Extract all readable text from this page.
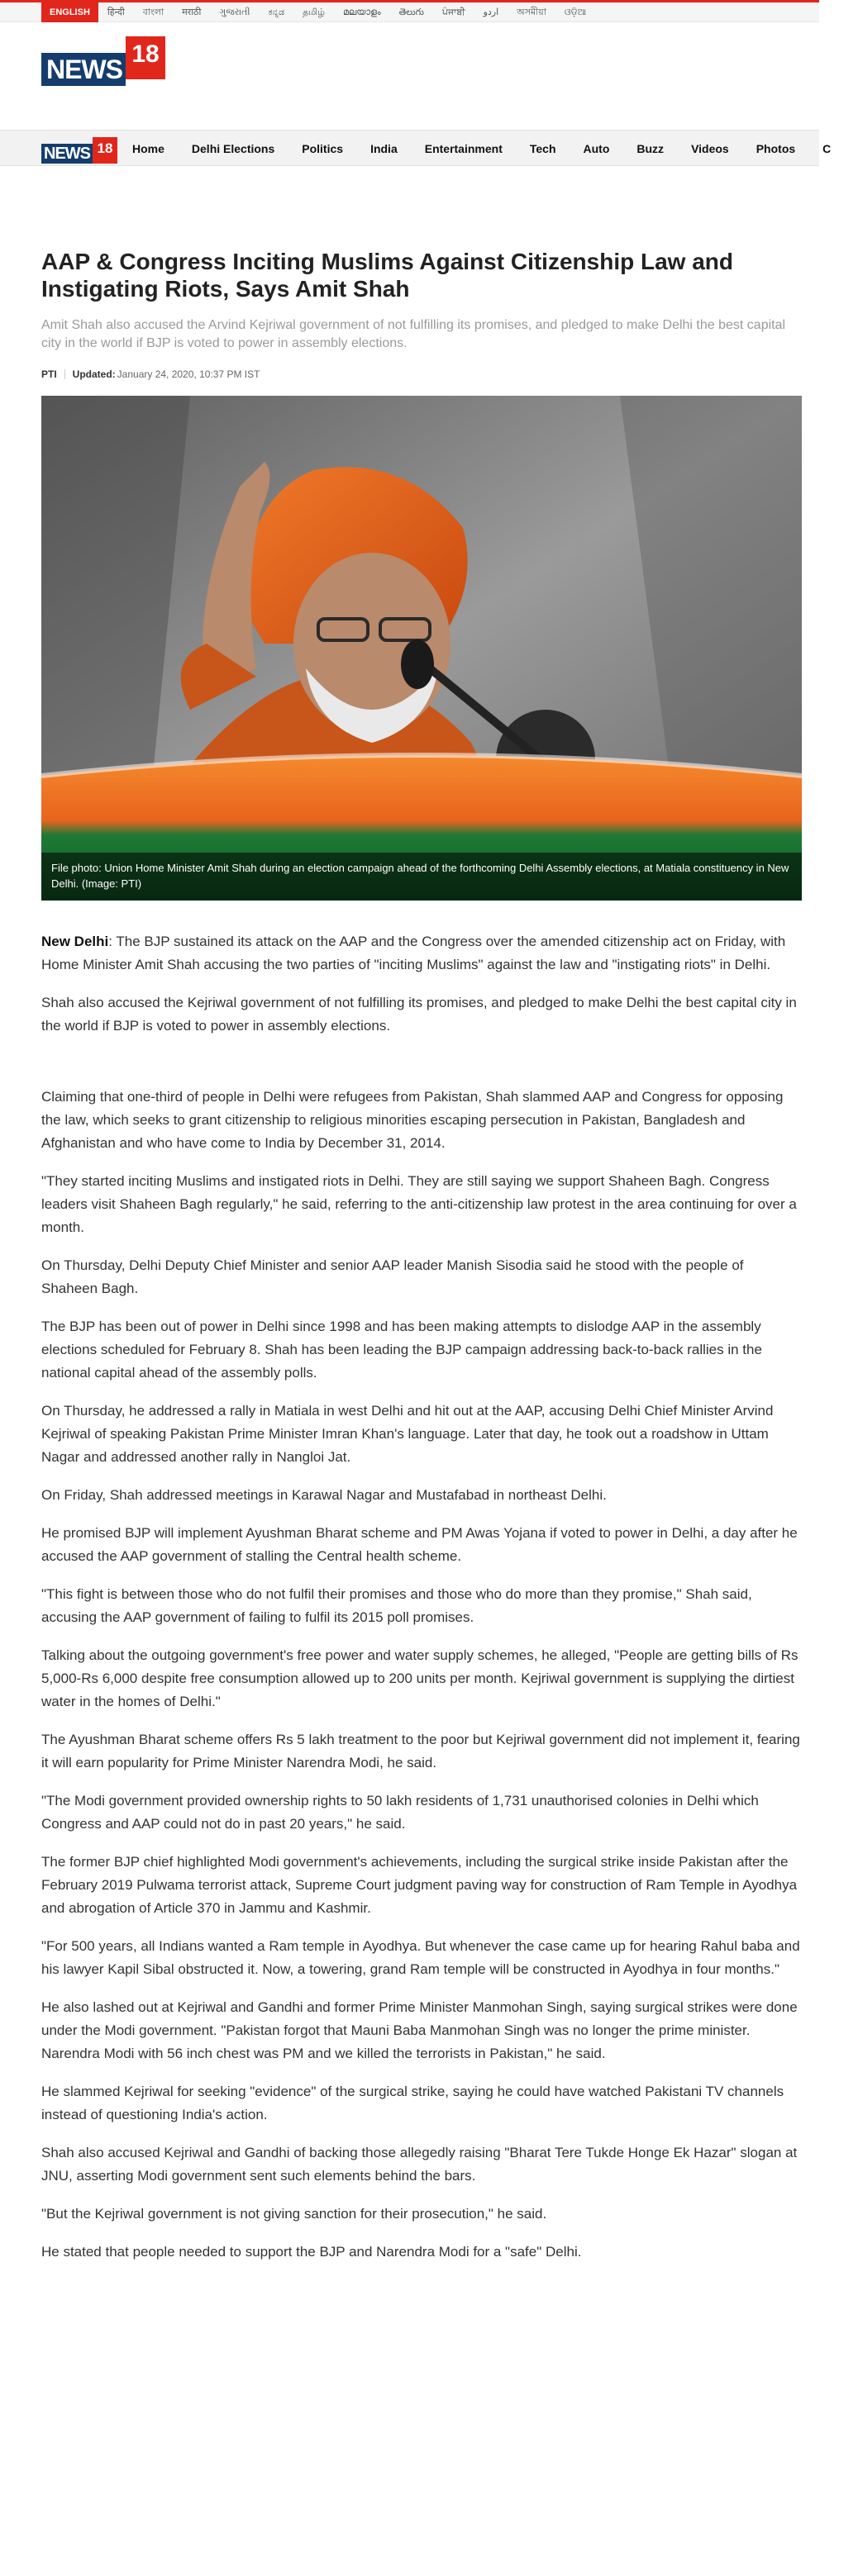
ENGLISH	हिन्दी	বাংলা	मराठी	ગુજરાતી	ಕನ್ನಡ	தமிழ்	മലയാളം	తెలుగు	ਪੰਜਾਬੀ	اردو	অসমীয়া	ଓଡ଼ିଆ
NEWS
18
NEWS 18	Home Delhi Elections Politics India Entertainment Tech Auto Buzz Videos Photos C
AAP & Congress Inciting Muslims Against Citizenship Law and Instigating Riots, Says Amit Shah

Amit Shah also accused the Arvind Kejriwal government of not fulfilling its promises, and pledged to make Delhi the best capital city in the world if BJP is voted to power in assembly elections.

PTI Updated: January 24, 2020, 10:37 PM IST
File photo: Union Home Minister Amit Shah during an election campaign ahead of the forthcoming Delhi Assembly elections, at Matiala constituency in New Delhi. (Image: PTI)

New Delhi: The BJP sustained its attack on the AAP and the Congress over the amended citizenship act on Friday, with Home Minister Amit Shah accusing the two parties of "inciting Muslims" against the law and "instigating riots" in Delhi.

Shah also accused the Kejriwal government of not fulfilling its promises, and pledged to make Delhi the best capital city in the world if BJP is voted to power in assembly elections.

Claiming that one-third of people in Delhi were refugees from Pakistan, Shah slammed AAP and Congress for opposing the law, which seeks to grant citizenship to religious minorities escaping persecution in Pakistan, Bangladesh and Afghanistan and who have come to India by December 31, 2014.

"They started inciting Muslims and instigated riots in Delhi. They are still saying we support Shaheen Bagh. Congress leaders visit Shaheen Bagh regularly," he said, referring to the anti-citizenship law protest in the area continuing for over a month.

On Thursday, Delhi Deputy Chief Minister and senior AAP leader Manish Sisodia said he stood with the people of Shaheen Bagh.

The BJP has been out of power in Delhi since 1998 and has been making attempts to dislodge AAP in the assembly elections scheduled for February 8. Shah has been leading the BJP campaign addressing back-to-back rallies in the national capital ahead of the assembly polls.

On Thursday, he addressed a rally in Matiala in west Delhi and hit out at the AAP, accusing Delhi Chief Minister Arvind Kejriwal of speaking Pakistan Prime Minister Imran Khan's language. Later that day, he took out a roadshow in Uttam Nagar and addressed another rally in Nangloi Jat.

On Friday, Shah addressed meetings in Karawal Nagar and Mustafabad in northeast Delhi.

He promised BJP will implement Ayushman Bharat scheme and PM Awas Yojana if voted to power in Delhi, a day after he accused the AAP government of stalling the Central health scheme.

"This fight is between those who do not fulfil their promises and those who do more than they promise," Shah said, accusing the AAP government of failing to fulfil its 2015 poll promises.

Talking about the outgoing government's free power and water supply schemes, he alleged, "People are getting bills of Rs 5,000-Rs 6,000 despite free consumption allowed up to 200 units per month. Kejriwal government is supplying the dirtiest water in the homes of Delhi."

The Ayushman Bharat scheme offers Rs 5 lakh treatment to the poor but Kejriwal government did not implement it, fearing it will earn popularity for Prime Minister Narendra Modi, he said.

"The Modi government provided ownership rights to 50 lakh residents of 1,731 unauthorised colonies in Delhi which Congress and AAP could not do in past 20 years," he said.

The former BJP chief highlighted Modi government's achievements, including the surgical strike inside Pakistan after the February 2019 Pulwama terrorist attack, Supreme Court judgment paving way for construction of Ram Temple in Ayodhya and abrogation of Article 370 in Jammu and Kashmir.

"For 500 years, all Indians wanted a Ram temple in Ayodhya. But whenever the case came up for hearing Rahul baba and his lawyer Kapil Sibal obstructed it. Now, a towering, grand Ram temple will be constructed in Ayodhya in four months."

He also lashed out at Kejriwal and Gandhi and former Prime Minister Manmohan Singh, saying surgical strikes were done under the Modi government. "Pakistan forgot that Mauni Baba Manmohan Singh was no longer the prime minister. Narendra Modi with 56 inch chest was PM and we killed the terrorists in Pakistan," he said.

He slammed Kejriwal for seeking "evidence" of the surgical strike, saying he could have watched Pakistani TV channels instead of questioning India's action.

Shah also accused Kejriwal and Gandhi of backing those allegedly raising "Bharat Tere Tukde Honge Ek Hazar" slogan at JNU, asserting Modi government sent such elements behind the bars.

"But the Kejriwal government is not giving sanction for their prosecution," he said.

He stated that people needed to support the BJP and Narendra Modi for a "safe" Delhi.
